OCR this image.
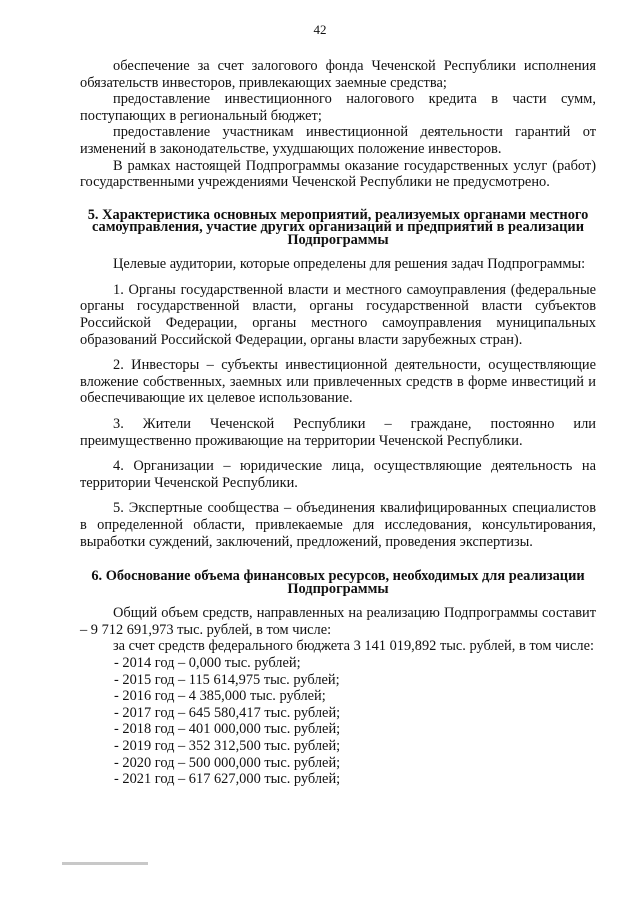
42

обеспечение за счет залогового фонда Чеченской Республики исполнения обязательств инвесторов, привлекающих заемные средства;

предоставление инвестиционного налогового кредита в части сумм, поступающих в региональный бюджет;

предоставление участникам инвестиционной деятельности гарантий от изменений в законодательстве, ухудшающих положение инвесторов.

В рамках настоящей Подпрограммы оказание государственных услуг (работ) государственными учреждениями Чеченской Республики не предусмотрено.

5. Характеристика основных мероприятий, реализуемых органами местного самоуправления, участие других организаций и предприятий в реализации Подпрограммы

Целевые аудитории, которые определены для решения задач Подпрограммы:

1. Органы государственной власти и местного самоуправления (федеральные органы государственной власти, органы государственной власти субъектов Российской Федерации, органы местного самоуправления муниципальных образований Российской Федерации, органы власти зарубежных стран).

2. Инвесторы – субъекты инвестиционной деятельности, осуществляющие вложение собственных, заемных или привлеченных средств в форме инвестиций и обеспечивающие их целевое использование.

3. Жители Чеченской Республики – граждане, постоянно или преимущественно проживающие на территории Чеченской Республики.

4. Организации – юридические лица, осуществляющие деятельность на территории Чеченской Республики.

5. Экспертные сообщества – объединения квалифицированных специалистов в определенной области, привлекаемые для исследования, консультирования, выработки суждений, заключений, предложений, проведения экспертизы.

6. Обоснование объема финансовых ресурсов, необходимых для реализации Подпрограммы

Общий объем средств, направленных на реализацию Подпрограммы составит – 9 712 691,973 тыс. рублей, в том числе:

за счет средств федерального бюджета 3 141 019,892 тыс. рублей, в том числе:

- 2014 год – 0,000 тыс. рублей;
- 2015 год – 115 614,975 тыс. рублей;
- 2016 год – 4 385,000 тыс. рублей;
- 2017 год – 645 580,417 тыс. рублей;
- 2018 год – 401 000,000 тыс. рублей;
- 2019 год – 352 312,500 тыс. рублей;
- 2020 год – 500 000,000 тыс. рублей;
- 2021 год – 617 627,000 тыс. рублей;
